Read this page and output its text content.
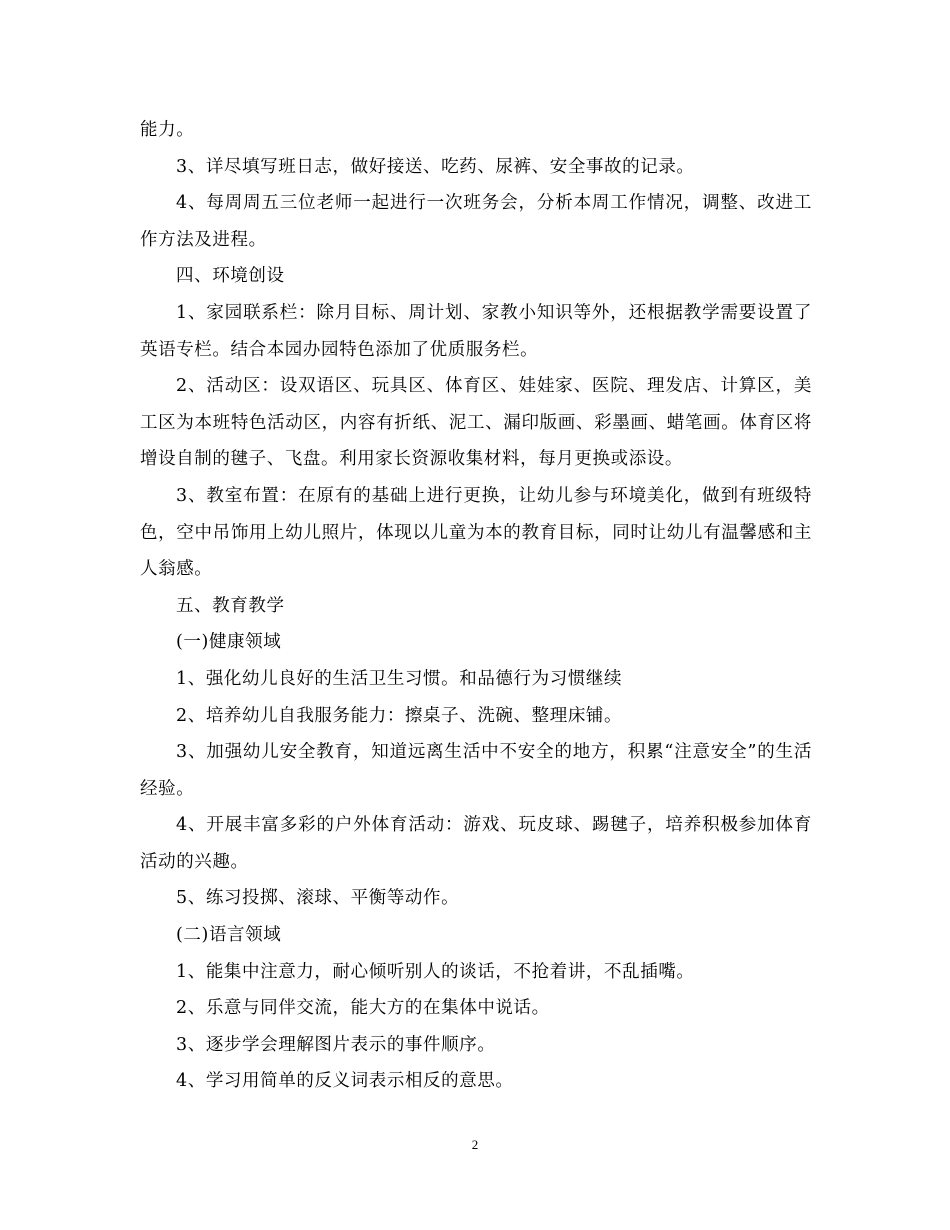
能力。

3、详尽填写班日志，做好接送、吃药、尿裤、安全事故的记录。

4、每周周五三位老师一起进行一次班务会，分析本周工作情况，调整、改进工作方法及进程。

四、环境创设

1、家园联系栏：除月目标、周计划、家教小知识等外，还根据教学需要设置了英语专栏。结合本园办园特色添加了优质服务栏。

2、活动区：设双语区、玩具区、体育区、娃娃家、医院、理发店、计算区，美工区为本班特色活动区，内容有折纸、泥工、漏印版画、彩墨画、蜡笔画。体育区将增设自制的毽子、飞盘。利用家长资源收集材料，每月更换或添设。

3、教室布置：在原有的基础上进行更换，让幼儿参与环境美化，做到有班级特色，空中吊饰用上幼儿照片，体现以儿童为本的教育目标，同时让幼儿有温馨感和主人翁感。

五、教育教学

(一)健康领域

1、强化幼儿良好的生活卫生习惯。和品德行为习惯继续

2、培养幼儿自我服务能力：擦桌子、洗碗、整理床铺。

3、加强幼儿安全教育，知道远离生活中不安全的地方，积累“注意安全”的生活经验。

4、开展丰富多彩的户外体育活动：游戏、玩皮球、踢毽子，培养积极参加体育活动的兴趣。

5、练习投掷、滚球、平衡等动作。

(二)语言领域

1、能集中注意力，耐心倾听别人的谈话，不抢着讲，不乱插嘴。

2、乐意与同伴交流，能大方的在集体中说话。

3、逐步学会理解图片表示的事件顺序。

4、学习用简单的反义词表示相反的意思。

2
